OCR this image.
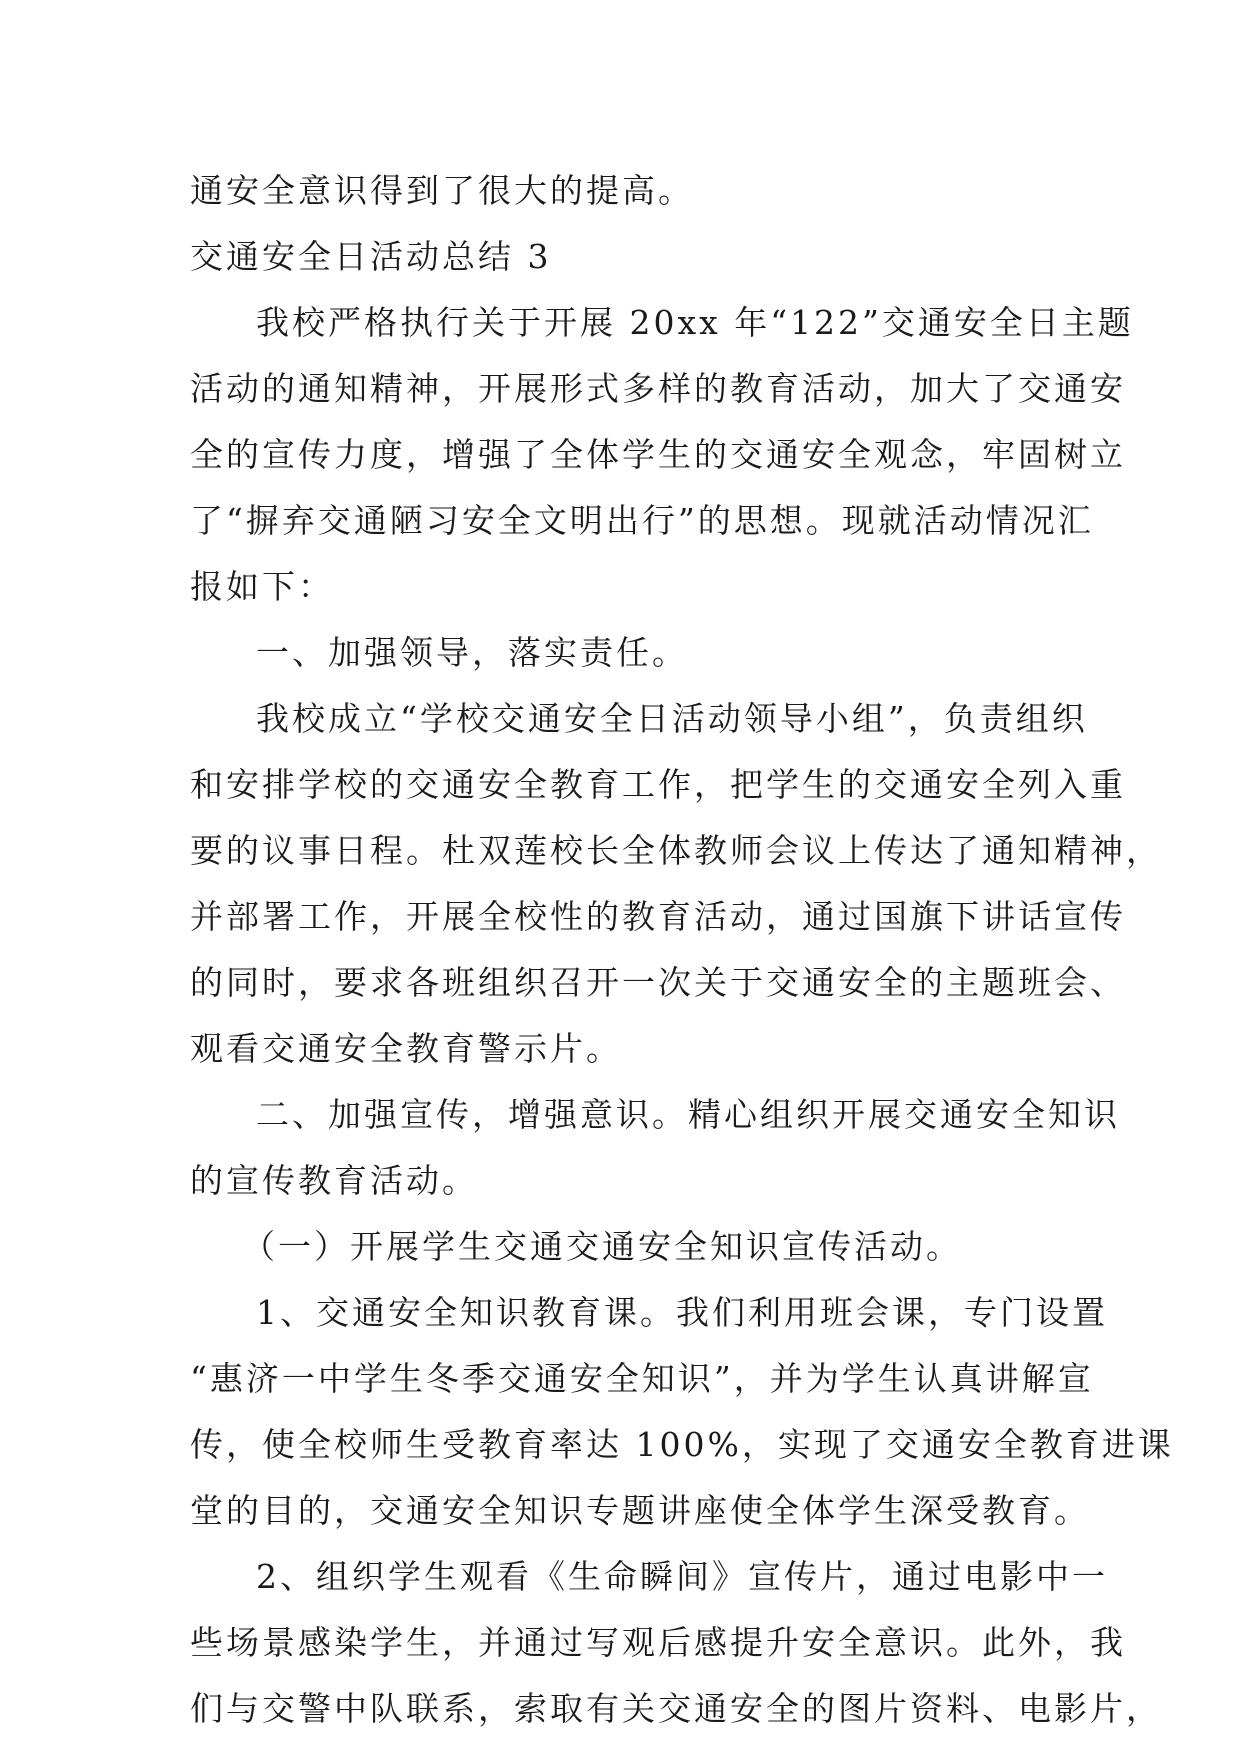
通安全意识得到了很大的提高。
交通安全日活动总结 3
我校严格执行关于开展 20xx 年“122”交通安全日主题
活动的通知精神，开展形式多样的教育活动，加大了交通安
全的宣传力度，增强了全体学生的交通安全观念，牢固树立
了“摒弃交通陋习安全文明出行”的思想。现就活动情况汇
报如下：
一、加强领导，落实责任。
我校成立“学校交通安全日活动领导小组”，负责组织
和安排学校的交通安全教育工作，把学生的交通安全列入重
要的议事日程。杜双莲校长全体教师会议上传达了通知精神，
并部署工作，开展全校性的教育活动，通过国旗下讲话宣传
的同时，要求各班组织召开一次关于交通安全的主题班会、
观看交通安全教育警示片。
二、加强宣传，增强意识。精心组织开展交通安全知识
的宣传教育活动。
（一）开展学生交通交通安全知识宣传活动。
1、交通安全知识教育课。我们利用班会课，专门设置
“惠济一中学生冬季交通安全知识”，并为学生认真讲解宣
传，使全校师生受教育率达 100%，实现了交通安全教育进课
堂的目的，交通安全知识专题讲座使全体学生深受教育。
2、组织学生观看《生命瞬间》宣传片，通过电影中一
些场景感染学生，并通过写观后感提升安全意识。此外，我
们与交警中队联系，索取有关交通安全的图片资料、电影片，
